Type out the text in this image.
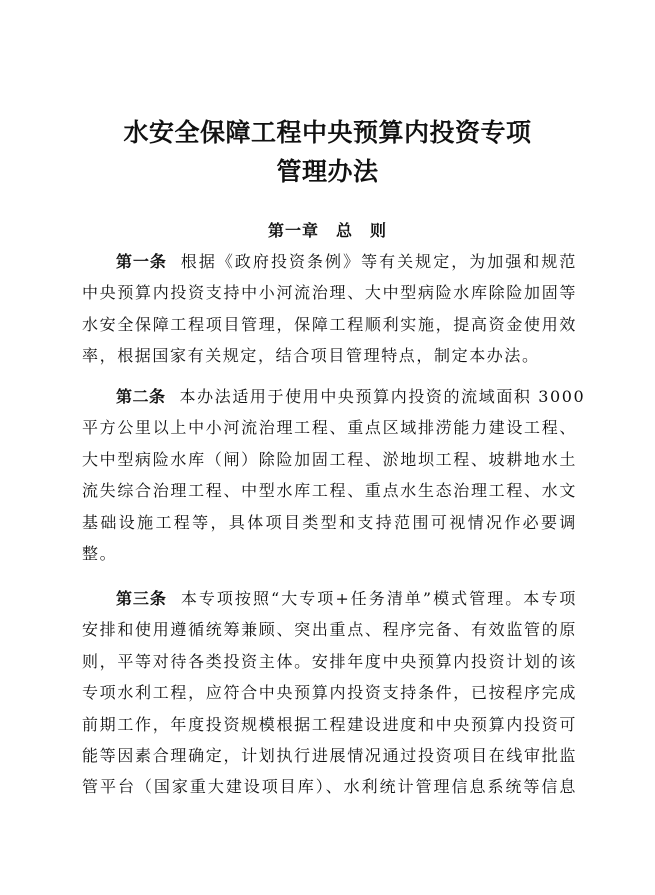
水安全保障工程中央预算内投资专项
管理办法
第一章　总　则
第一条 根据《政府投资条例》等有关规定，为加强和规范
中央预算内投资支持中小河流治理、大中型病险水库除险加固等
水安全保障工程项目管理，保障工程顺利实施，提高资金使用效
率，根据国家有关规定，结合项目管理特点，制定本办法。
第二条 本办法适用于使用中央预算内投资的流域面积 3000
平方公里以上中小河流治理工程、重点区域排涝能力建设工程、
大中型病险水库（闸）除险加固工程、淤地坝工程、坡耕地水土
流失综合治理工程、中型水库工程、重点水生态治理工程、水文
基础设施工程等，具体项目类型和支持范围可视情况作必要调
整。
第三条 本专项按照“大专项+任务清单”模式管理。本专项
安排和使用遵循统筹兼顾、突出重点、程序完备、有效监管的原
则，平等对待各类投资主体。安排年度中央预算内投资计划的该
专项水利工程，应符合中央预算内投资支持条件，已按程序完成
前期工作，年度投资规模根据工程建设进度和中央预算内投资可
能等因素合理确定，计划执行进展情况通过投资项目在线审批监
管平台（国家重大建设项目库）、水利统计管理信息系统等信息
